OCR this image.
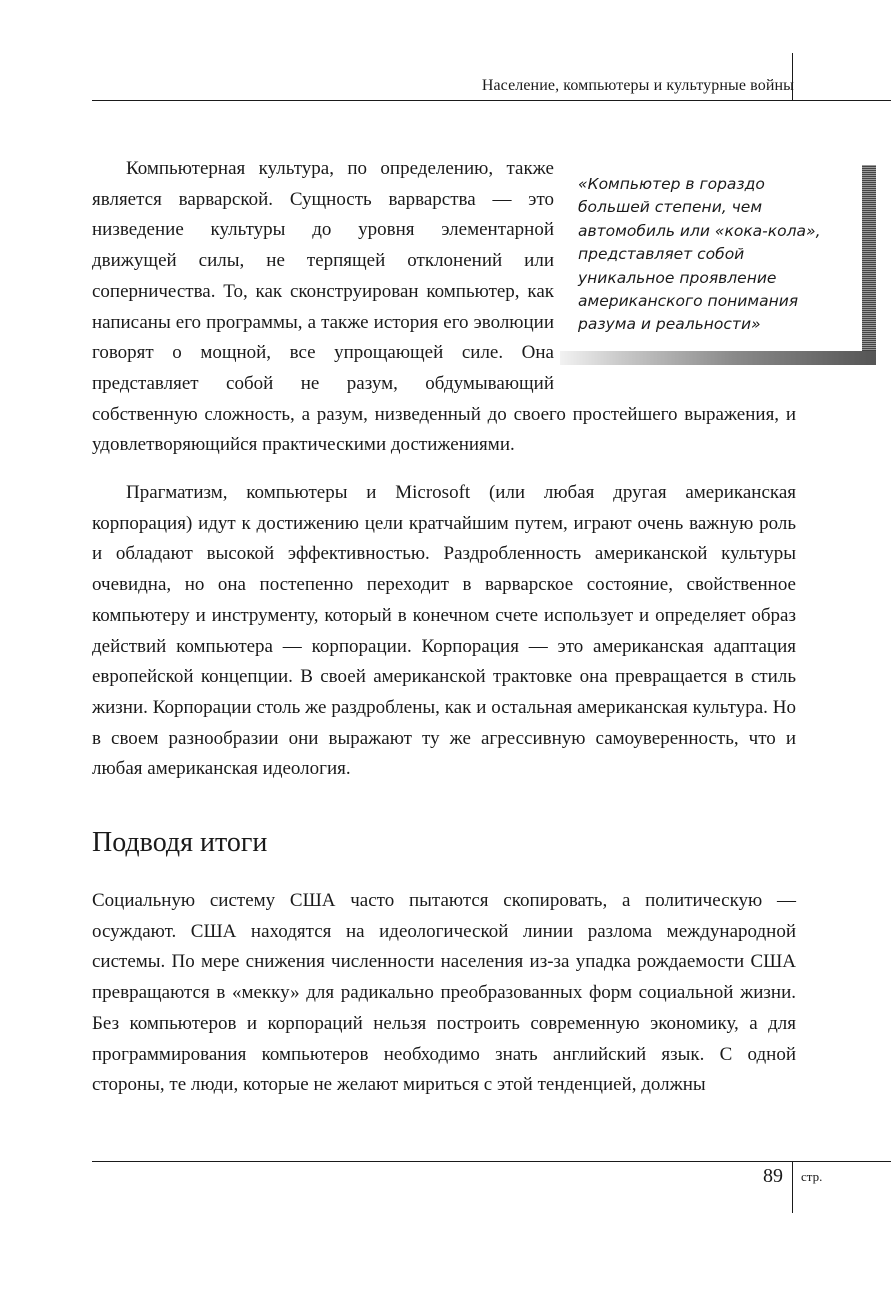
Население, компьютеры и культурные войны

«Компьютер в гораздо большей степени, чем автомобиль или «кока-кола», представляет собой уникальное проявление американского понимания разума и реальности»

Компьютерная культура, по определению, также является варварской. Сущность варварства — это низведение культуры до уровня элементарной движущей силы, не терпящей отклонений или соперничества. То, как сконструирован компьютер, как написаны его программы, а также история его эволюции говорят о мощной, все упрощающей силе. Она представляет собой не разум, обдумывающий собственную сложность, а разум, низведенный до своего простейшего выражения, и удовлетворяющийся практическими достижениями.

Прагматизм, компьютеры и Microsoft (или любая другая американская корпорация) идут к достижению цели кратчайшим путем, играют очень важную роль и обладают высокой эффективностью. Раздробленность американской культуры очевидна, но она постепенно переходит в варварское состояние, свойственное компьютеру и инструменту, который в конечном счете использует и определяет образ действий компьютера — корпорации. Корпорация — это американская адаптация европейской концепции. В своей американской трактовке она превращается в стиль жизни. Корпорации столь же раздроблены, как и остальная американская культура. Но в своем разнообразии они выражают ту же агрессивную самоуверенность, что и любая американская идеология.

Подводя итоги

Социальную систему США часто пытаются скопировать, а политическую — осуждают. США находятся на идеологической линии разлома международной системы. По мере снижения численности населения из-за упадка рождаемости США превращаются в «мекку» для радикально преобразованных форм социальной жизни. Без компьютеров и корпораций нельзя построить современную экономику, а для программирования компьютеров необходимо знать английский язык. С одной стороны, те люди, которые не желают мириться с этой тенденцией, должны

89 стр.
